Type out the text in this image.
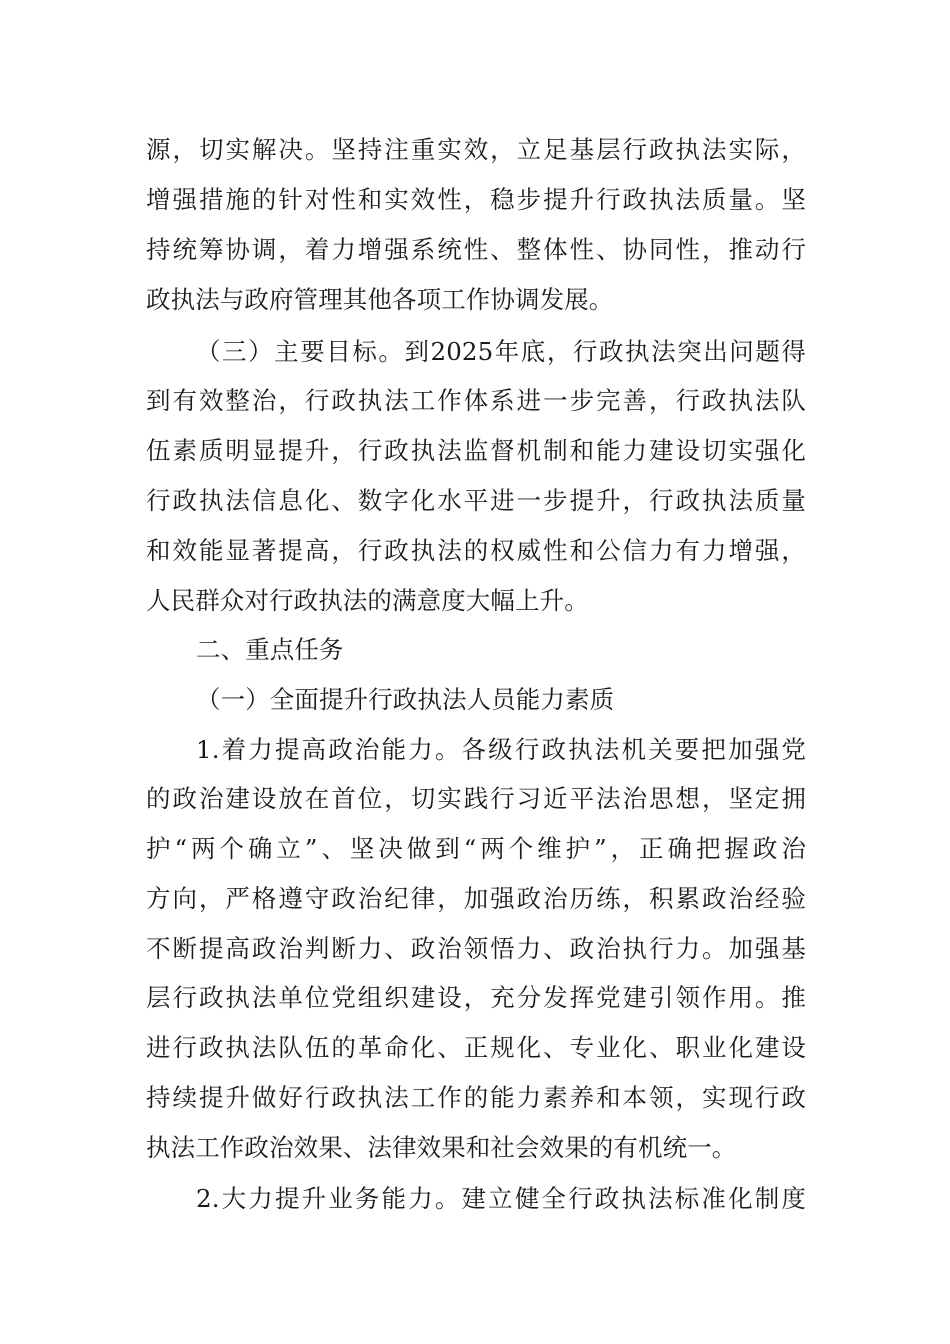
源，切实解决。坚持注重实效，立足基层行政执法实际，
增强措施的针对性和实效性，稳步提升行政执法质量。坚
持统筹协调，着力增强系统性、整体性、协同性，推动行
政执法与政府管理其他各项工作协调发展。
（三）主要目标。到2025年底，行政执法突出问题得
到有效整治，行政执法工作体系进一步完善，行政执法队
伍素质明显提升，行政执法监督机制和能力建设切实强化
行政执法信息化、数字化水平进一步提升，行政执法质量
和效能显著提高，行政执法的权威性和公信力有力增强，
人民群众对行政执法的满意度大幅上升。
二、重点任务
（一）全面提升行政执法人员能力素质
1.着力提高政治能力。各级行政执法机关要把加强党
的政治建设放在首位，切实践行习近平法治思想，坚定拥
护“两个确立”、坚决做到“两个维护”，正确把握政治
方向，严格遵守政治纪律，加强政治历练，积累政治经验
不断提高政治判断力、政治领悟力、政治执行力。加强基
层行政执法单位党组织建设，充分发挥党建引领作用。推
进行政执法队伍的革命化、正规化、专业化、职业化建设
持续提升做好行政执法工作的能力素养和本领，实现行政
执法工作政治效果、法律效果和社会效果的有机统一。
2.大力提升业务能力。建立健全行政执法标准化制度
